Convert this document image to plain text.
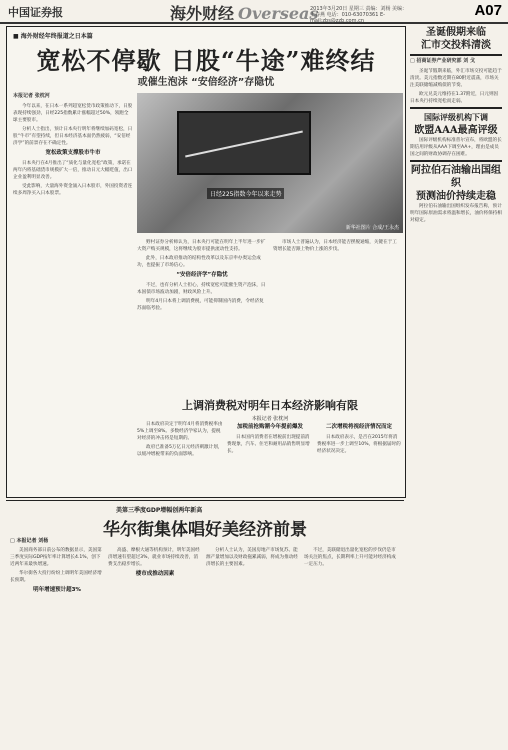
中国证券报	海外财经 Overseas
2013年3月20日 星期三 责编：刘杨 美编：王春燕 电话：010-63070361 E-mail:zbs@zzb.com.cn
A07
■ 海外财经年终报道之日本篇
宽松不停歇 日股“牛途”难终结
或催生泡沫 “安倍经济”存隐忧
本报记者 张枕河
今年以来，在日本一系列超宽松货币政策推动下，日股表现持续强劲，日经225指数累计涨幅超过50%，领跑全球主要股市。
分析人士指出，预计日本央行明年将继续加码宽松，日股“牛市”有望持续，但日本经济基本面仍然疲弱，“安倍经济学”的前景存在不确定性。
宽松政策支撑股市牛市
日本央行在4月推出了“质化与量化宽松”政策，承诺在两年内将基础货币规模扩大一倍，推动日元大幅贬值，出口企业盈利明显改善。
受此影响，大量海外资金涌入日本股市，外国投资者连续多周净买入日本股票。	日经225指数今年以来走势
新华社图片 合成/王永杰
野村证券分析师认为，日本央行可能在明年上半年进一步扩大资产购买规模，这将继续为股市提供流动性支持。
此外，日本政府推动的结构性改革以及东京申办奥运会成功，也提振了市场信心。
“安倍经济学”存隐忧
不过，也有分析人士担心，持续宽松可能催生资产泡沫，日本国债市场波动加剧，财政风险上升。
明年4月日本将上调消费税，可能抑制国内消费，令经济复苏面临考验。
市场人士普遍认为，日本经济能否摆脱通缩，关键在于工资增长能否跟上物价上涨的步伐。
上调消费税对明年日本经济影响有限
本报记者 张枕河
日本政府决定于明年4月将消费税率由5%上调至8%。多数经济学家认为，提税对经济的冲击将是短期的。
政府已准备5万亿日元经济刺激计划，以缓冲增税带来的负面影响。
加税前抢购潮今年提前爆发
日本国内消费者在增税前出现提前消费现象，汽车、住宅和耐用品销售明显增长。
二次增税将视经济情况而定
日本政府表示，是否在2015年将消费税率进一步上调至10%，将根据届时的经济状况决定。
圣诞假期来临
汇市交投料清淡
□ 招商证券产业研究部 刘 戈
圣诞节假期来临，外汇市场交投可能趋于清淡。美元指数近期在80附近震荡，市场关注美联储缩减购债的节奏。
欧元兑美元维持在1.37附近，日元则因日本央行持续宽松而走弱。
国际评级机构下调
欧盟AAA最高评级
国际评级机构标准普尔宣布，将欧盟的长期信用评级从AAA下调至AA+，理由是成员国之间的财政协调存在困难。
阿拉伯石油输出国组织
预测油价持续走稳
阿拉伯石油输出国组织发布报告称，预计明年国际原油需求将温和增长，油价将保持相对稳定。
美第三季度GDP增幅创两年新高
华尔街集体唱好美经济前景
□ 本报记者 刘杨
美国商务部日前公布的数据显示，美国第三季度实际GDP按年率计算增长4.1%，创下近两年来最快增速。
华尔街各大投行纷纷上调明年美国经济增长预期。
明年增速预计超3%
高盛、摩根大通等机构预计，明年美国经济增速有望超过3%，就业市场持续改善，消费支出稳步增长。
楼市成推动因素
分析人士认为，美国房地产市场复苏、能源产量增加以及财政拖累减弱，将成为推动经济增长的主要因素。
不过，美联储退出量化宽松的步伐仍是市场关注的焦点，长期利率上升可能对经济构成一定压力。
